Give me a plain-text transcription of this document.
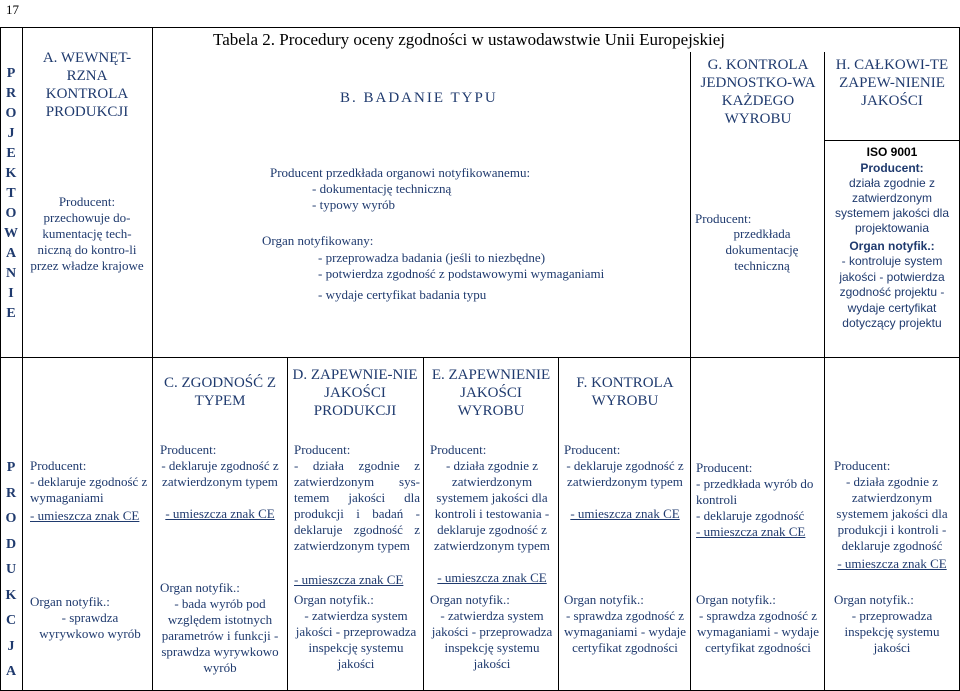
17
Tabela 2. Procedury oceny zgodności w ustawodawstwie Unii Europejskiej
P
R
O
J
E
K
T
O
W
A
N
I
E
P
R
O
D
U
K
C
J
A
A. WEWNĘT-RZNA KONTROLA PRODUKCJI
Producent:
przechowuje do-kumentację tech-niczną do kontro-li przez władze krajowe
B. BADANIE TYPU
Producent przedkłada organowi notyfikowanemu:
- dokumentację techniczną
- typowy wyrób
Organ notyfikowany:
- przeprowadza badania (jeśli to niezbędne)
- potwierdza zgodność z podstawowymi wymaganiami
- wydaje certyfikat badania typu
G. KONTROLA JEDNOSTKO-WA KAŻDEGO WYROBU
Producent:
przedkłada dokumentację techniczną
H. CAŁKOWI-TE ZAPEW-NIENIE JAKOŚCI
ISO 9001
Producent:
działa zgodnie z zatwierdzonym systemem jakości dla projektowania
Organ notyfik.:
- kontroluje system jakości - potwierdza zgodność projektu - wydaje certyfikat dotyczący projektu
Producent:
- deklaruje zgodność z wymaganiami
- umieszcza znak CE
Organ notyfik.:
- sprawdza wyrywkowo wyrób
C. ZGODNOŚĆ Z TYPEM
Producent:
- deklaruje zgodność z zatwierdzonym typem
- umieszcza znak CE
Organ notyfik.:
- bada wyrób pod względem istotnych parametrów i funkcji - sprawdza wyrywkowo wyrób
D. ZAPEWNIE-NIE JAKOŚCI PRODUKCJI
Producent:
- działa zgodnie z zatwierdzonym sys-temem jakości dla produkcji i badań -deklaruje zgodność z zatwierdzonym typem
- umieszcza znak CE
Organ notyfik.:
- zatwierdza system jakości - przeprowadza inspekcję systemu jakości
E. ZAPEWNIENIE JAKOŚCI WYROBU
Producent:
- działa zgodnie z zatwierdzonym systemem jakości dla kontroli i testowania - deklaruje zgodność z zatwierdzonym typem
- umieszcza znak CE
Organ notyfik.:
- zatwierdza system jakości - przeprowadza inspekcję systemu jakości
F. KONTROLA WYROBU
Producent:
- deklaruje zgodność z zatwierdzonym typem
- umieszcza znak CE
Organ notyfik.:
- sprawdza zgodność z wymaganiami - wydaje certyfikat zgodności
Producent:
- przedkłada wyrób do kontroli
- deklaruje zgodność
- umieszcza znak CE
Organ notyfik.:
- sprawdza zgodność z wymaganiami - wydaje certyfikat zgodności
Producent:
- działa zgodnie z zatwierdzonym systemem jakości dla produkcji i kontroli - deklaruje zgodność
- umieszcza znak CE
Organ notyfik.:
- przeprowadza inspekcję systemu jakości
